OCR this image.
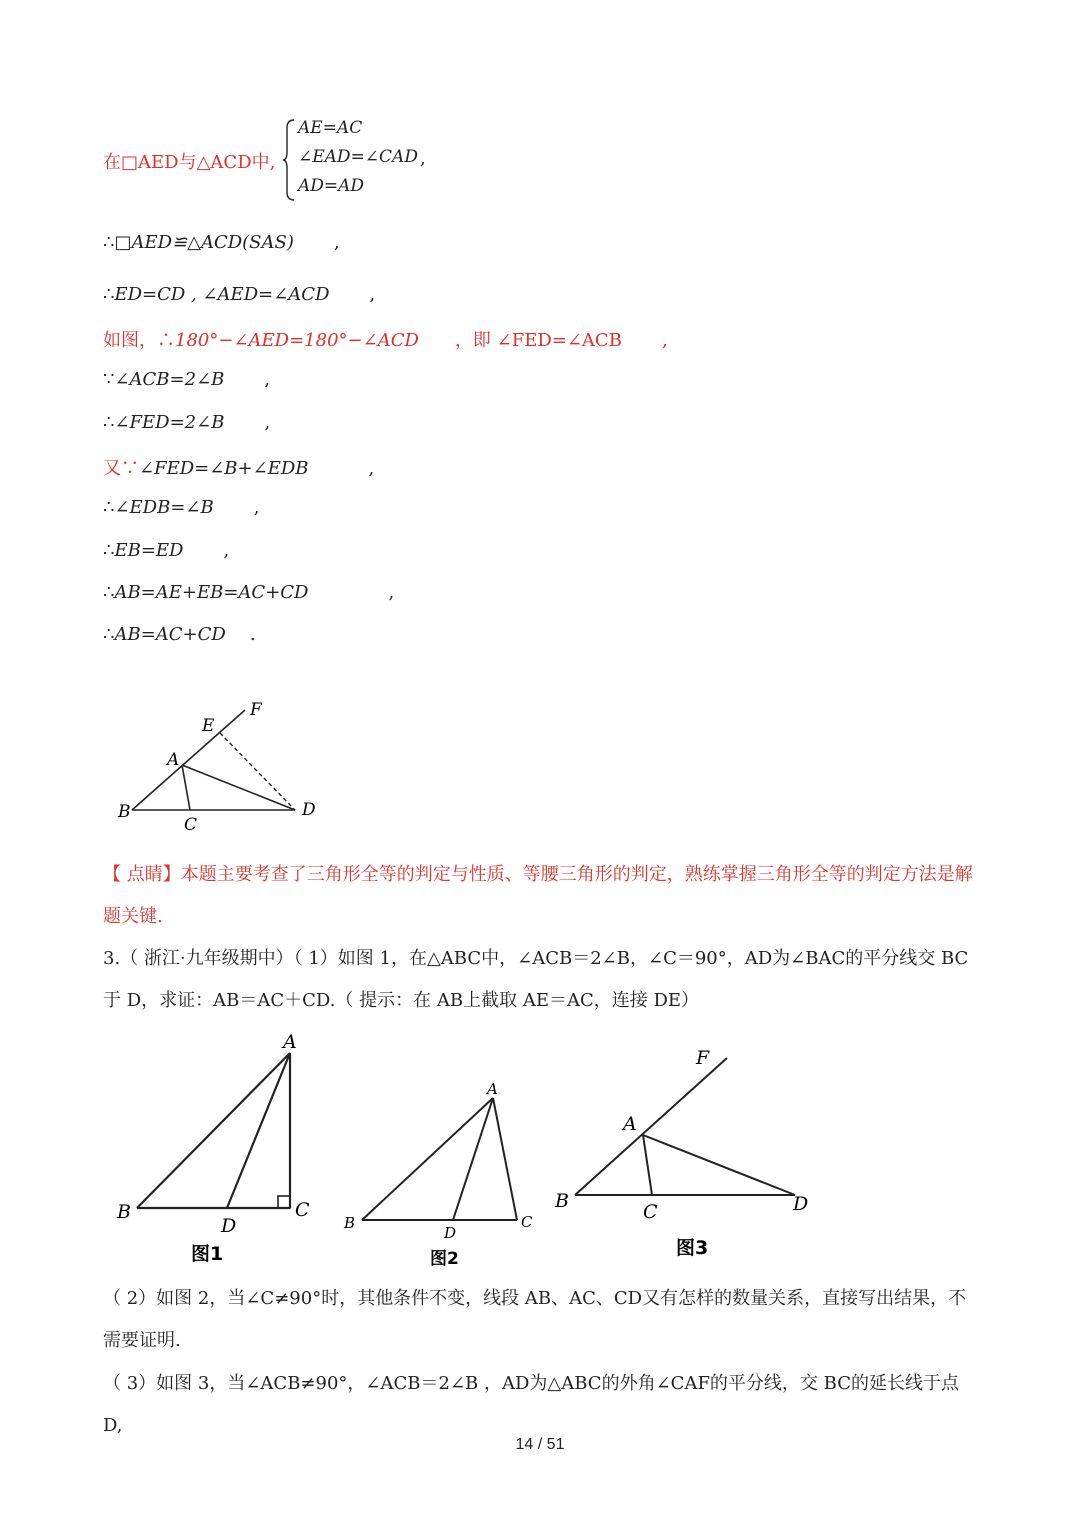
在□AED与△ACD中,
AE=AC
∠EAD=∠CAD
AD=AD
,
∴□AED≌△ACD(SAS) ,
∴ED=CD , ∠AED=∠ACD ,
如图，∴180°−∠AED=180°−∠ACD ，即 ∠FED=∠ACB ,
∵∠ACB=2∠B ,
∴∠FED=2∠B ,
又∵∠FED=∠B+∠EDB	,
∴∠EDB=∠B ,
∴EB=ED ,
∴AB=AE+EB=AC+CD	,
∴AB=AC+CD .
F
E
A
B
C
D
【 点睛】本题主要考查了三角形全等的判定与性质、等腰三角形的判定，熟练掌握三角形全等的判定方法是解题关键.
3.（ 浙江·九年级期中）（ 1）如图 1，在△ABC中，∠ACB＝2∠B，∠C＝90°，AD为∠BAC的平分线交 BC于 D，求证：AB＝AC＋CD.（ 提示：在 AB上截取 AE＝AC，连接 DE）
A
B
D
C
图1
A
B
D
C
图2
F
A
B	C	D
图3
（ 2）如图 2，当∠C≠90°时，其他条件不变，线段 AB、AC、CD又有怎样的数量关系，直接写出结果，不需要证明.
（ 3）如图 3，当∠ACB≠90°，∠ACB＝2∠B ，AD为△ABC的外角∠CAF的平分线，交 BC的延长线于点 D,
14 / 51
